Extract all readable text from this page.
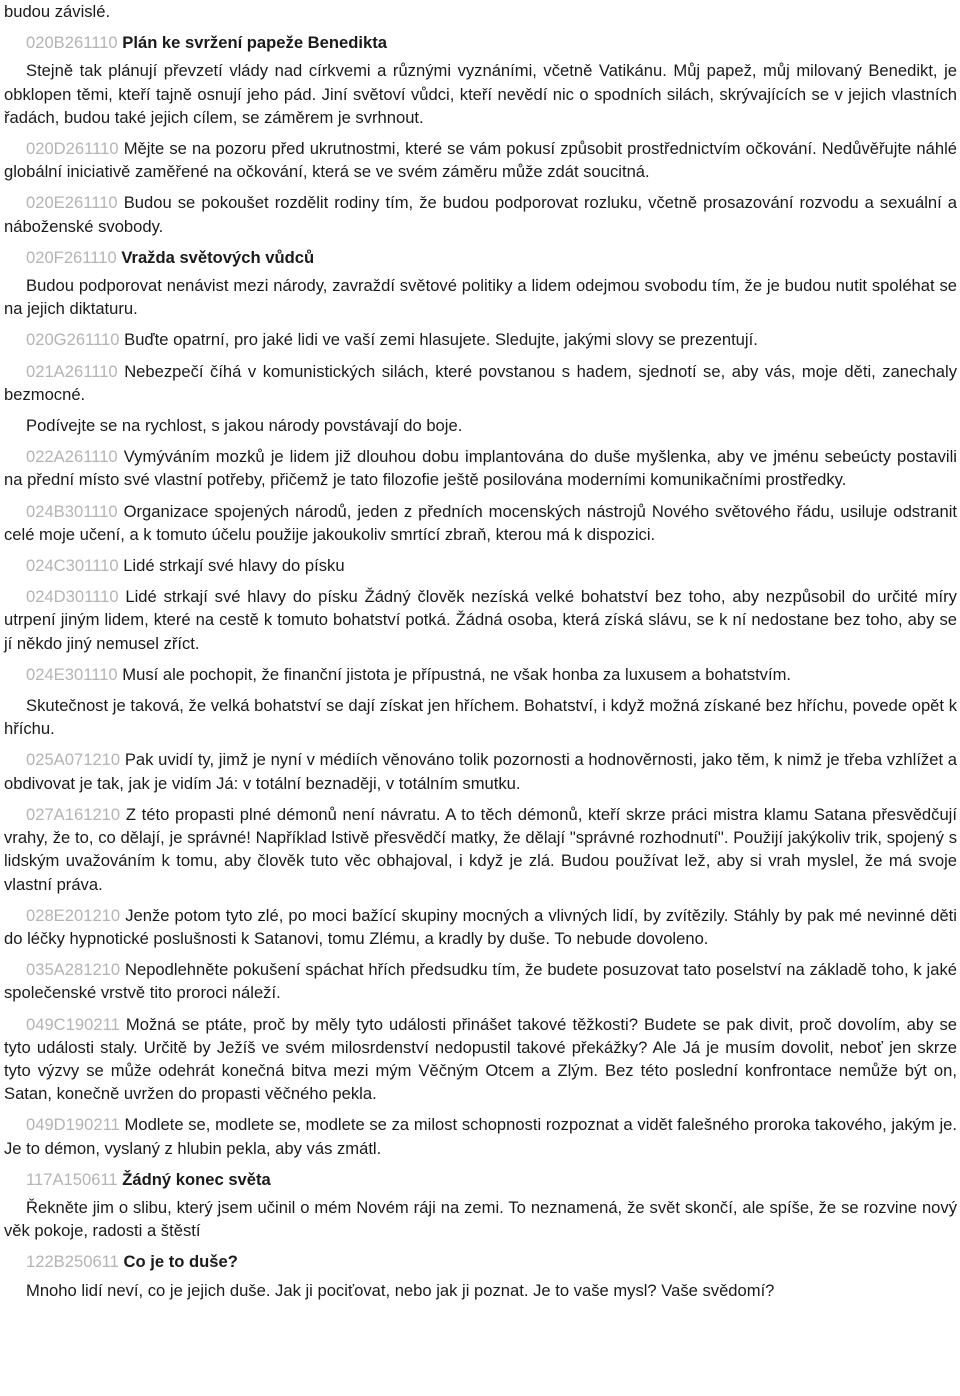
budou závislé.

020B261110 Plán ke svržení papeže Benedikta

Stejně tak plánují převzetí vlády nad církvemi a různými vyznáními, včetně Vatikánu. Můj papež, můj milovaný Benedikt, je obklopen těmi, kteří tajně osnují jeho pád. Jiní světoví vůdci, kteří nevědí nic o spodních silách, skrývajících se v jejich vlastních řadách, budou také jejich cílem, se záměrem je svrhnout.

020D261110 Mějte se na pozoru před ukrutnostmi, které se vám pokusí způsobit prostřednictvím očkování. Nedůvěřujte náhlé globální iniciativě zaměřené na očkování, která se ve svém záměru může zdát soucitná.

020E261110 Budou se pokoušet rozdělit rodiny tím, že budou podporovat rozluku, včetně prosazování rozvodu a sexuální a náboženské svobody.

020F261110 Vražda světových vůdců

Budou podporovat nenávist mezi národy, zavraždí světové politiky a lidem odejmou svobodu tím, že je budou nutit spoléhat se na jejich diktaturu.

020G261110 Buďte opatrní, pro jaké lidi ve vaší zemi hlasujete. Sledujte, jakými slovy se prezentují.

021A261110 Nebezpečí číhá v komunistických silách, které povstanou s hadem, sjednotí se, aby vás, moje děti, zanechaly bezmocné.

Podívejte se na rychlost, s jakou národy povstávají do boje.

022A261110 Vymýváním mozků je lidem již dlouhou dobu implantována do duše myšlenka, aby ve jménu sebeúcty postavili na přední místo své vlastní potřeby, přičemž je tato filozofie ještě posilována moderními komunikačními prostředky.

024B301110 Organizace spojených národů, jeden z předních mocenských nástrojů Nového světového řádu, usiluje odstranit celé moje učení, a k tomuto účelu použije jakoukoliv smrtící zbraň, kterou má k dispozici.

024C301110 Lidé strkají své hlavy do písku

024D301110 Lidé strkají své hlavy do písku Žádný člověk nezíská velké bohatství bez toho, aby nezpůsobil do určité míry utrpení jiným lidem, které na cestě k tomuto bohatství potká. Žádná osoba, která získá slávu, se k ní nedostane bez toho, aby se jí někdo jiný nemusel zříct.

024E301110 Musí ale pochopit, že finanční jistota je přípustná, ne však honba za luxusem a bohatstvím.

Skutečnost je taková, že velká bohatství se dají získat jen hříchem. Bohatství, i když možná získané bez hříchu, povede opět k hříchu.

025A071210 Pak uvidí ty, jimž je nyní v médiích věnováno tolik pozornosti a hodnověrnosti, jako těm, k nimž je třeba vzhlížet a obdivovat je tak, jak je vidím Já: v totální beznaději, v totálním smutku.

027A161210 Z této propasti plné démonů není návratu. A to těch démonů, kteří skrze práci mistra klamu Satana přesvědčují vrahy, že to, co dělají, je správné! Například lstivě přesvědčí matky, že dělají "správné rozhodnutí". Použijí jakýkoliv trik, spojený s lidským uvažováním k tomu, aby člověk tuto věc obhajoval, i když je zlá. Budou používat lež, aby si vrah myslel, že má svoje vlastní práva.

028E201210 Jenže potom tyto zlé, po moci bažící skupiny mocných a vlivných lidí, by zvítězily. Stáhly by pak mé nevinné děti do léčky hypnotické poslušnosti k Satanovi, tomu Zlému, a kradly by duše. To nebude dovoleno.

035A281210 Nepodlehněte pokušení spáchat hřích předsudku tím, že budete posuzovat tato poselství na základě toho, k jaké společenské vrstvě tito proroci náleží.

049C190211 Možná se ptáte, proč by měly tyto události přinášet takové těžkosti? Budete se pak divit, proč dovolím, aby se tyto události staly. Určitě by Ježíš ve svém milosrdenství nedopustil takové překážky? Ale Já je musím dovolit, neboť jen skrze tyto výzvy se může odehrát konečná bitva mezi mým Věčným Otcem a Zlým. Bez této poslední konfrontace nemůže být on, Satan, konečně uvržen do propasti věčného pekla.

049D190211 Modlete se, modlete se, modlete se za milost schopnosti rozpoznat a vidět falešného proroka takového, jakým je. Je to démon, vyslaný z hlubin pekla, aby vás zmátl.

117A150611 Žádný konec světa

Řekněte jim o slibu, který jsem učinil o mém Novém ráji na zemi. To neznamená, že svět skončí, ale spíše, že se rozvine nový věk pokoje, radosti a štěstí

122B250611 Co je to duše?

Mnoho lidí neví, co je jejich duše. Jak ji pociťovat, nebo jak ji poznat. Je to vaše mysl? Vaše svědomí?
